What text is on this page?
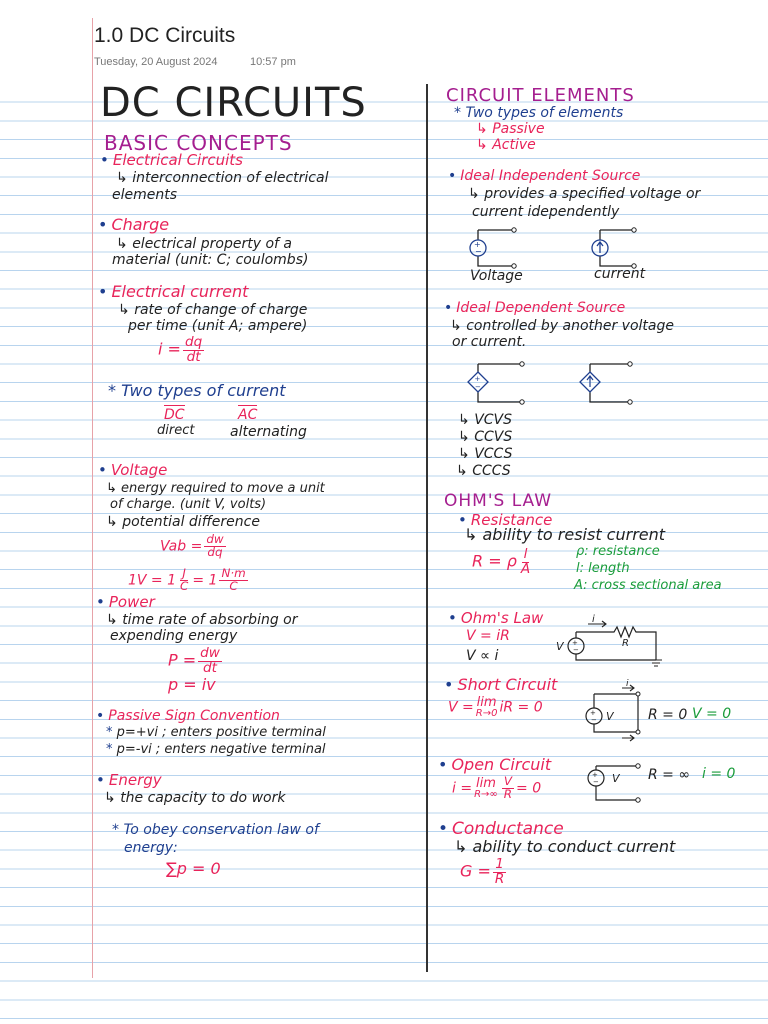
1.0 DC Circuits
Tuesday, 20 August 2024	10:57 pm
DC CIRCUITS
BASIC CONCEPTS
• Electrical Circuits
↳ interconnection of electrical
elements
• Charge
↳ electrical property of a
material (unit: C; coulombs)
• Electrical current
↳ rate of change of charge
per time (unit A; ampere)
$i = \frac{dq}{dt}$
* Two types of current
DC
direct
AC
alternating
• Voltage
↳ energy required to move a unit
of charge. (unit V, volts)
↳ potential difference
Vab = $\frac{dw}{dq}$
$1V = 1 \frac{J}{C} = 1 \frac{N\cdot m}{C}$
• Power
↳ time rate of absorbing or
expending energy
$P = \frac{dw}{dt}$
p = iv
• Passive Sign Convention
* p=+vi ; enters positive terminal
* p=-vi ; enters negative terminal
• Energy
↳ the capacity to do work
* To obey conservation law of
energy:
∑p = 0
CIRCUIT ELEMENTS
* Two types of elements
↳ Passive
↳ Active
• Ideal Independent Source
↳ provides a specified voltage or
current idependently
+
−
Voltage	current
• Ideal Dependent Source
↳ controlled by another voltage
or current.
+
−
↳ VCVS
↳ CCVS
↳ VCCS
↳ CCCS
OHM'S LAW
• Resistance
↳ ability to resist current
R = ρ $\frac{l}{A}$	ρ: resistance
l: length
A: cross sectional area
• Ohm's Law
V = iR
V ∝ i
+
−
V
i
R
• Short Circuit
V = lim
R→0 iR = 0	+
− V
i
R = 0 V = 0
• Open Circuit
i = lim
$R\to\infty \frac{V}{R} = 0$
+
− V R = ∞ i = 0
• Conductance
↳ ability to conduct current
$G = \frac{1}{R}$
